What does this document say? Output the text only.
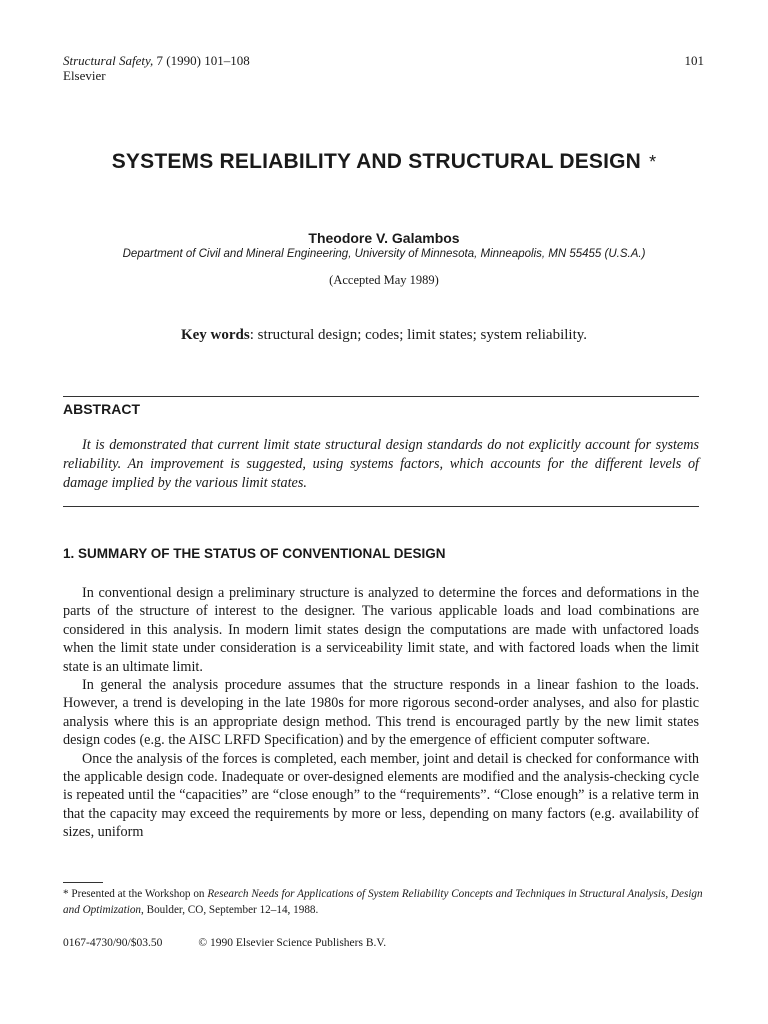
Structural Safety, 7 (1990) 101–108
Elsevier
101
SYSTEMS RELIABILITY AND STRUCTURAL DESIGN *
Theodore V. Galambos
Department of Civil and Mineral Engineering, University of Minnesota, Minneapolis, MN 55455 (U.S.A.)
(Accepted May 1989)
Key words: structural design; codes; limit states; system reliability.
ABSTRACT
It is demonstrated that current limit state structural design standards do not explicitly account for systems reliability. An improvement is suggested, using systems factors, which accounts for the different levels of damage implied by the various limit states.
1. SUMMARY OF THE STATUS OF CONVENTIONAL DESIGN

In conventional design a preliminary structure is analyzed to determine the forces and deformations in the parts of the structure of interest to the designer. The various applicable loads and load combinations are considered in this analysis. In modern limit states design the computations are made with unfactored loads when the limit state under consideration is a serviceability limit state, and with factored loads when the limit state is an ultimate limit.

In general the analysis procedure assumes that the structure responds in a linear fashion to the loads. However, a trend is developing in the late 1980s for more rigorous second-order analyses, and also for plastic analysis where this is an appropriate design method. This trend is encouraged partly by the new limit states design codes (e.g. the AISC LRFD Specification) and by the emergence of efficient computer software.

Once the analysis of the forces is completed, each member, joint and detail is checked for conformance with the applicable design code. Inadequate or over-designed elements are modified and the analysis-checking cycle is repeated until the “capacities” are “close enough” to the “requirements”. “Close enough” is a relative term in that the capacity may exceed the requirements by more or less, depending on many factors (e.g. availability of sizes, uniform

* Presented at the Workshop on Research Needs for Applications of System Reliability Concepts and Techniques in Structural Analysis, Design and Optimization, Boulder, CO, September 12–14, 1988.
0167-4730/90/$03.50	© 1990 Elsevier Science Publishers B.V.
